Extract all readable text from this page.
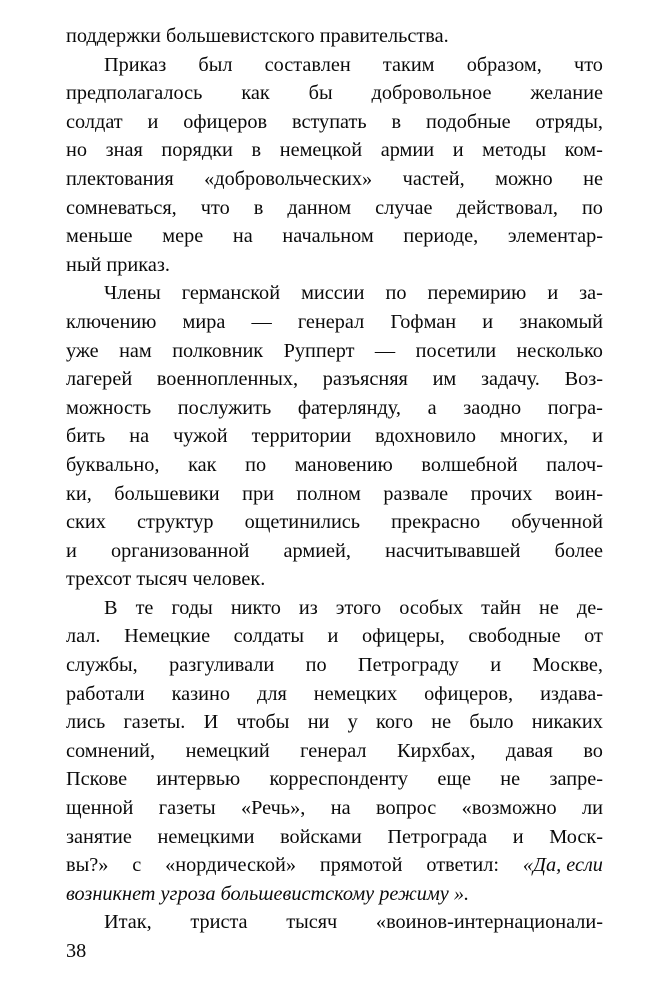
поддержки большевистского правительства.
Приказ был составлен таким образом, что
предполагалось как бы добровольное желание
солдат и офицеров вступать в подобные отряды,
но зная порядки в немецкой армии и методы ком-
плектования «добровольческих» частей, можно не
сомневаться, что в данном случае действовал, по
меньше мере на начальном периоде, элементар-
ный приказ.
Члены германской миссии по перемирию и за-
ключению мира — генерал Гофман и знакомый
уже нам полковник Рупперт — посетили несколько
лагерей военнопленных, разъясняя им задачу. Воз-
можность послужить фатерлянду, а заодно погра-
бить на чужой территории вдохновило многих, и
буквально, как по мановению волшебной палоч-
ки, большевики при полном развале прочих воин-
ских структур ощетинились прекрасно обученной
и организованной армией, насчитывавшей более
трехсот тысяч человек.
В те годы никто из этого особых тайн не де-
лал. Немецкие солдаты и офицеры, свободные от
службы, разгуливали по Петрограду и Москве,
работали казино для немецких офицеров, издава-
лись газеты. И чтобы ни у кого не было никаких
сомнений, немецкий генерал Кирхбах, давая во
Пскове интервью корреспонденту еще не запре-
щенной газеты «Речь», на вопрос «возможно ли
занятие немецкими войсками Петрограда и Моск-
вы?» с «нордической» прямотой ответил: «Да, если
возникнет угроза большевистскому режиму ».
Итак, триста тысяч «воинов-интернационали-
38
